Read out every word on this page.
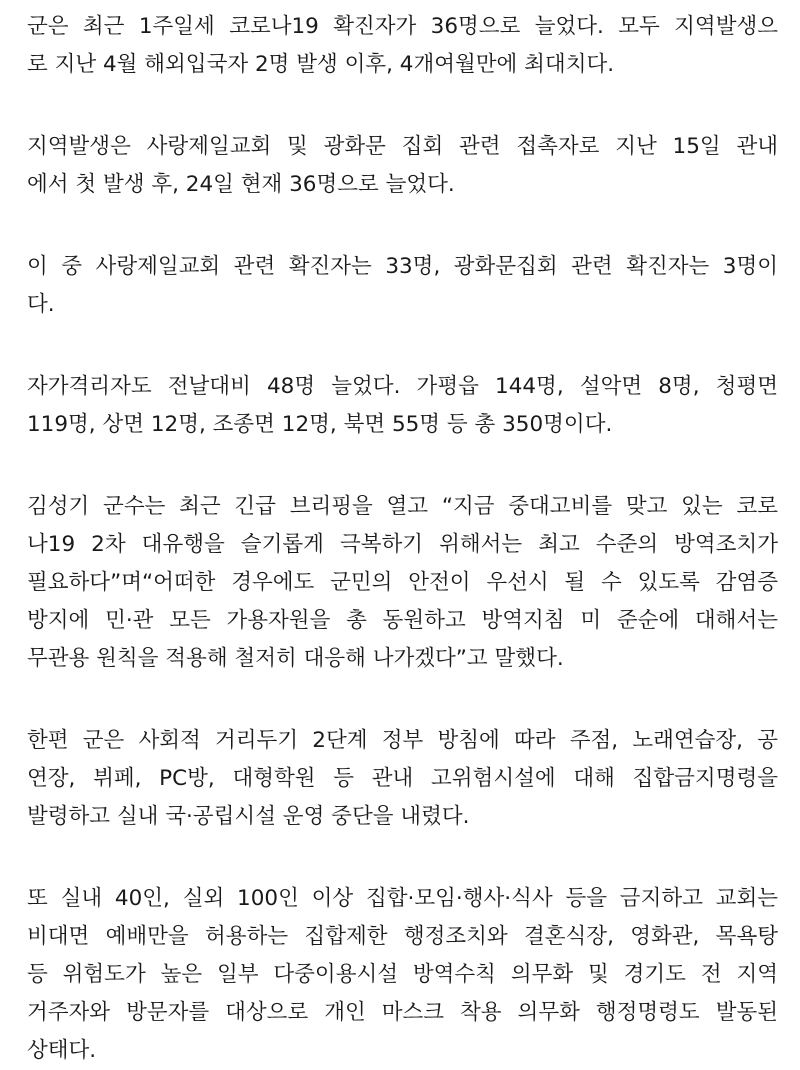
군은 최근 1주일세 코로나19 확진자가 36명으로 늘었다. 모두 지역발생으
로 지난 4월 해외입국자 2명 발생 이후, 4개여월만에 최대치다.
지역발생은 사랑제일교회 및 광화문 집회 관련 접촉자로 지난 15일 관내
에서 첫 발생 후, 24일 현재 36명으로 늘었다.
이 중 사랑제일교회 관련 확진자는 33명, 광화문집회 관련 확진자는 3명이
다.
자가격리자도 전날대비 48명 늘었다. 가평읍 144명, 설악면 8명, 청평면
119명, 상면 12명, 조종면 12명, 북면 55명 등 총 350명이다.
김성기 군수는 최근 긴급 브리핑을 열고 “지금 중대고비를 맞고 있는 코로
나19 2차 대유행을 슬기롭게 극복하기 위해서는 최고 수준의 방역조치가
필요하다”며“어떠한 경우에도 군민의 안전이 우선시 될 수 있도록 감염증
방지에 민·관 모든 가용자원을 총 동원하고 방역지침 미 준순에 대해서는
무관용 원칙을 적용해 철저히 대응해 나가겠다”고 말했다.
한편 군은 사회적 거리두기 2단계 정부 방침에 따라 주점, 노래연습장, 공
연장, 뷔페, PC방, 대형학원 등 관내 고위험시설에 대해 집합금지명령을
발령하고 실내 국·공립시설 운영 중단을 내렸다.
또 실내 40인, 실외 100인 이상 집합·모임·행사·식사 등을 금지하고 교회는
비대면 예배만을 허용하는 집합제한 행정조치와 결혼식장, 영화관, 목욕탕
등 위험도가 높은 일부 다중이용시설 방역수칙 의무화 및 경기도 전 지역
거주자와 방문자를 대상으로 개인 마스크 착용 의무화 행정명령도 발동된
상태다.
